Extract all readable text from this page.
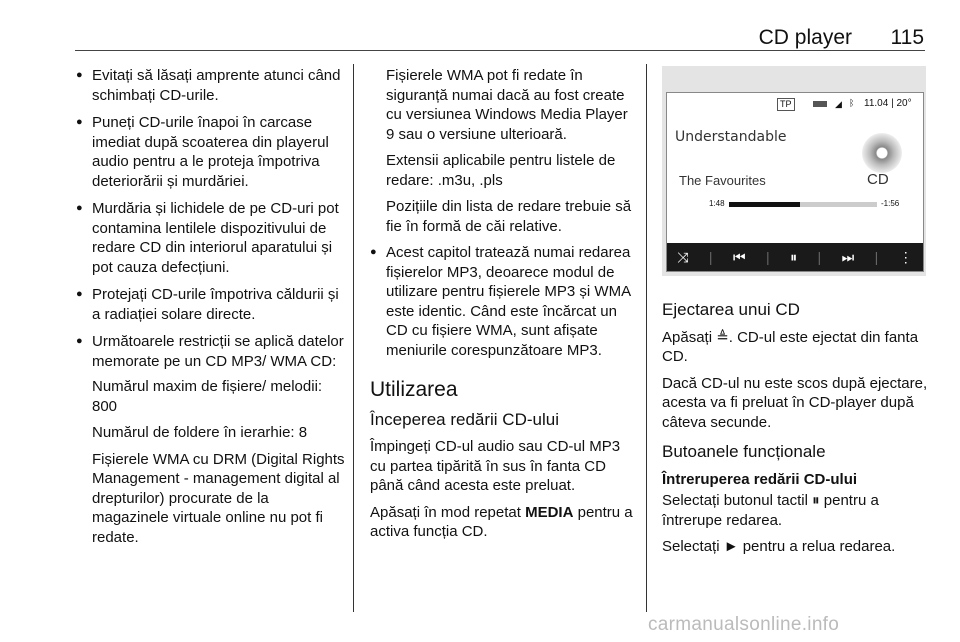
CD player 115
● Evitați să lăsați amprente atunci când schimbați CD-urile.
● Puneți CD-urile înapoi în carcase imediat după scoaterea din playerul audio pentru a le proteja împotriva deteriorării și murdăriei.
● Murdăria și lichidele de pe CD-uri pot contamina lentilele dispozitivului de redare CD din interiorul aparatului și pot cauza defecțiuni.
● Protejați CD-urile împotriva căldurii și a radiației solare directe.
● Următoarele restricții se aplică datelor memorate pe un CD MP3/ WMA CD:

Numărul maxim de fișiere/ melodii: 800

Numărul de foldere în ierarhie: 8

Fișierele WMA cu DRM (Digital Rights Management - management digital al drepturilor) procurate de la magazinele virtuale online nu pot fi redate.

Fișierele WMA pot fi redate în siguranță numai dacă au fost create cu versiunea Windows Media Player 9 sau o versiune ulterioară.

Extensii aplicabile pentru listele de redare: .m3u, .pls

Pozițiile din lista de redare trebuie să fie în formă de căi relative.

● Acest capitol tratează numai redarea fișierelor MP3, deoarece modul de utilizare pentru fișierele MP3 și WMA este identic. Când este încărcat un CD cu fișiere WMA, sunt afișate meniurile corespunzătoare MP3.
Utilizarea
Începerea redării CD-ului

Împingeți CD-ul audio sau CD-ul MP3 cu partea tipărită în sus în fanta CD până când acesta este preluat.

Apăsați în mod repetat MEDIA pentru a activa funcția CD.

TP	◢ ᛒ 11.04 | 20°
Understandable
The Favourites	CD
1:48	-1:56
⤨ | ⏮ | ⏸ | ⏭ | ⋮
Ejectarea unui CD

Apăsați ≜. CD-ul este ejectat din fanta CD.

Dacă CD-ul nu este scos după ejectare, acesta va fi preluat în CD-player după câteva secunde.

Butoanele funcționale
Întreruperea redării CD-ului

Selectați butonul tactil ⏸ pentru a întrerupe redarea.

Selectați ► pentru a relua redarea.

carmanualsonline.info
